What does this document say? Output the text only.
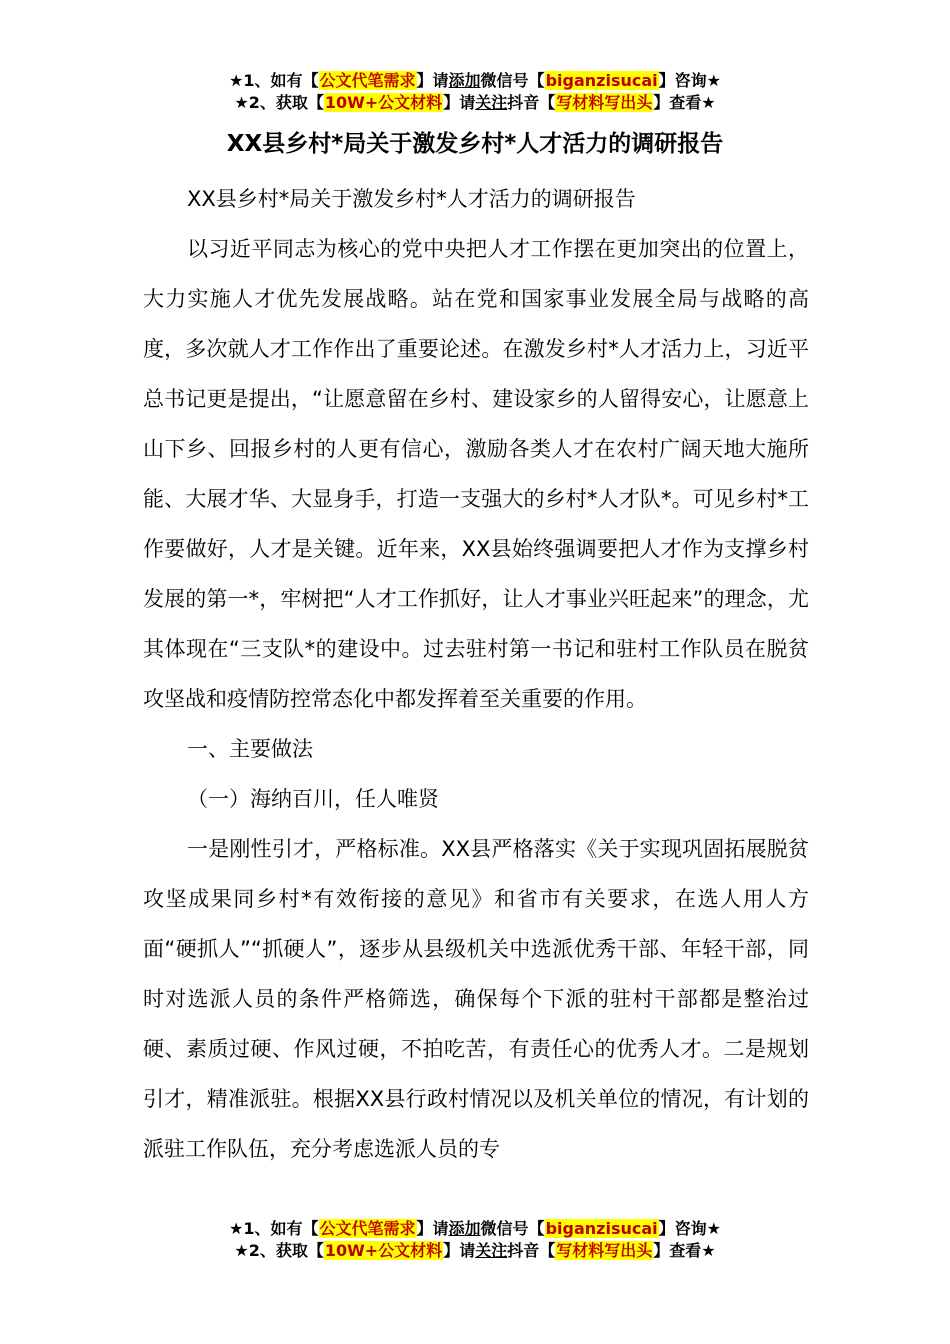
★1、如有【公文代笔需求】请添加微信号【biganzisucai】咨询★
★2、获取【10W+公文材料】请关注抖音【写材料写出头】查看★
XX县乡村*局关于激发乡村*人才活力的调研报告

XX县乡村*局关于激发乡村*人才活力的调研报告

以习近平同志为核心的党中央把人才工作摆在更加突出的位置上，大力实施人才优先发展战略。站在党和国家事业发展全局与战略的高度，多次就人才工作作出了重要论述。在激发乡村*人才活力上，习近平总书记更是提出，“让愿意留在乡村、建设家乡的人留得安心，让愿意上山下乡、回报乡村的人更有信心，激励各类人才在农村广阔天地大施所能、大展才华、大显身手，打造一支强大的乡村*人才队*。可见乡村*工作要做好，人才是关键。近年来，XX县始终强调要把人才作为支撑乡村发展的第一*，牢树把“人才工作抓好，让人才事业兴旺起来”的理念，尤其体现在“三支队*的建设中。过去驻村第一书记和驻村工作队员在脱贫攻坚战和疫情防控常态化中都发挥着至关重要的作用。

一、主要做法

（一）海纳百川，任人唯贤

一是刚性引才，严格标准。XX县严格落实《关于实现巩固拓展脱贫攻坚成果同乡村*有效衔接的意见》和省市有关要求，在选人用人方面“硬抓人”“抓硬人”，逐步从县级机关中选派优秀干部、年轻干部，同时对选派人员的条件严格筛选，确保每个下派的驻村干部都是整治过硬、素质过硬、作风过硬，不拍吃苦，有责任心的优秀人才。二是规划引才，精准派驻。根据XX县行政村情况以及机关单位的情况，有计划的派驻工作队伍，充分考虑选派人员的专

★1、如有【公文代笔需求】请添加微信号【biganzisucai】咨询★
★2、获取【10W+公文材料】请关注抖音【写材料写出头】查看★
